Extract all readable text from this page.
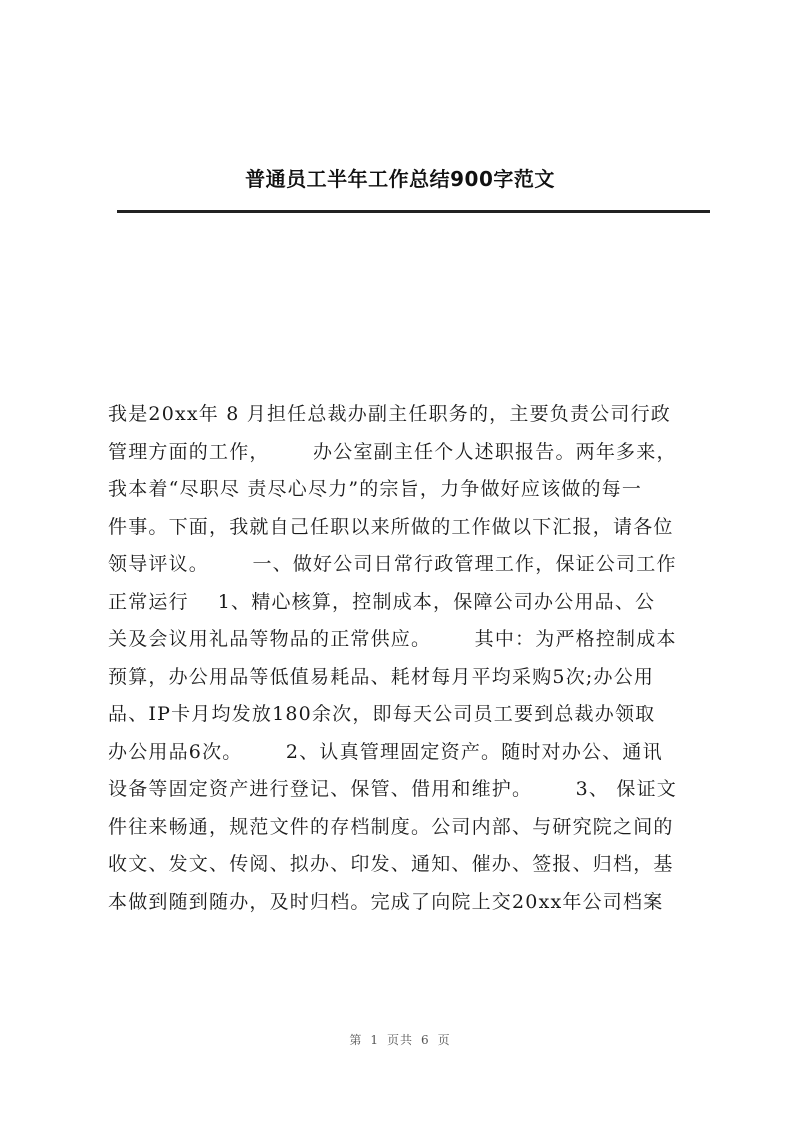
普通员工半年工作总结900字范文
我是20xx年 8 月担任总裁办副主任职务的，主要负责公司行政
管理方面的工作，      办公室副主任个人述职报告。两年多来，
我本着“尽职尽 责尽心尽力”的宗旨，力争做好应该做的每一
件事。下面，我就自己任职以来所做的工作做以下汇报，请各位
领导评议。      一、做好公司日常行政管理工作，保证公司工作
正常运行    1、精心核算，控制成本，保障公司办公用品、公
关及会议用礼品等物品的正常供应。      其中：为严格控制成本
预算，办公用品等低值易耗品、耗材每月平均采购5次;办公用
品、IP卡月均发放180余次，即每天公司员工要到总裁办领取
办公用品6次。      2、认真管理固定资产。随时对办公、通讯
设备等固定资产进行登记、保管、借用和维护。      3、 保证文
件往来畅通，规范文件的存档制度。公司内部、与研究院之间的
收文、发文、传阅、拟办、印发、通知、催办、签报、归档，基
本做到随到随办，及时归档。完成了向院上交20xx年公司档案
第 1 页共 6 页
